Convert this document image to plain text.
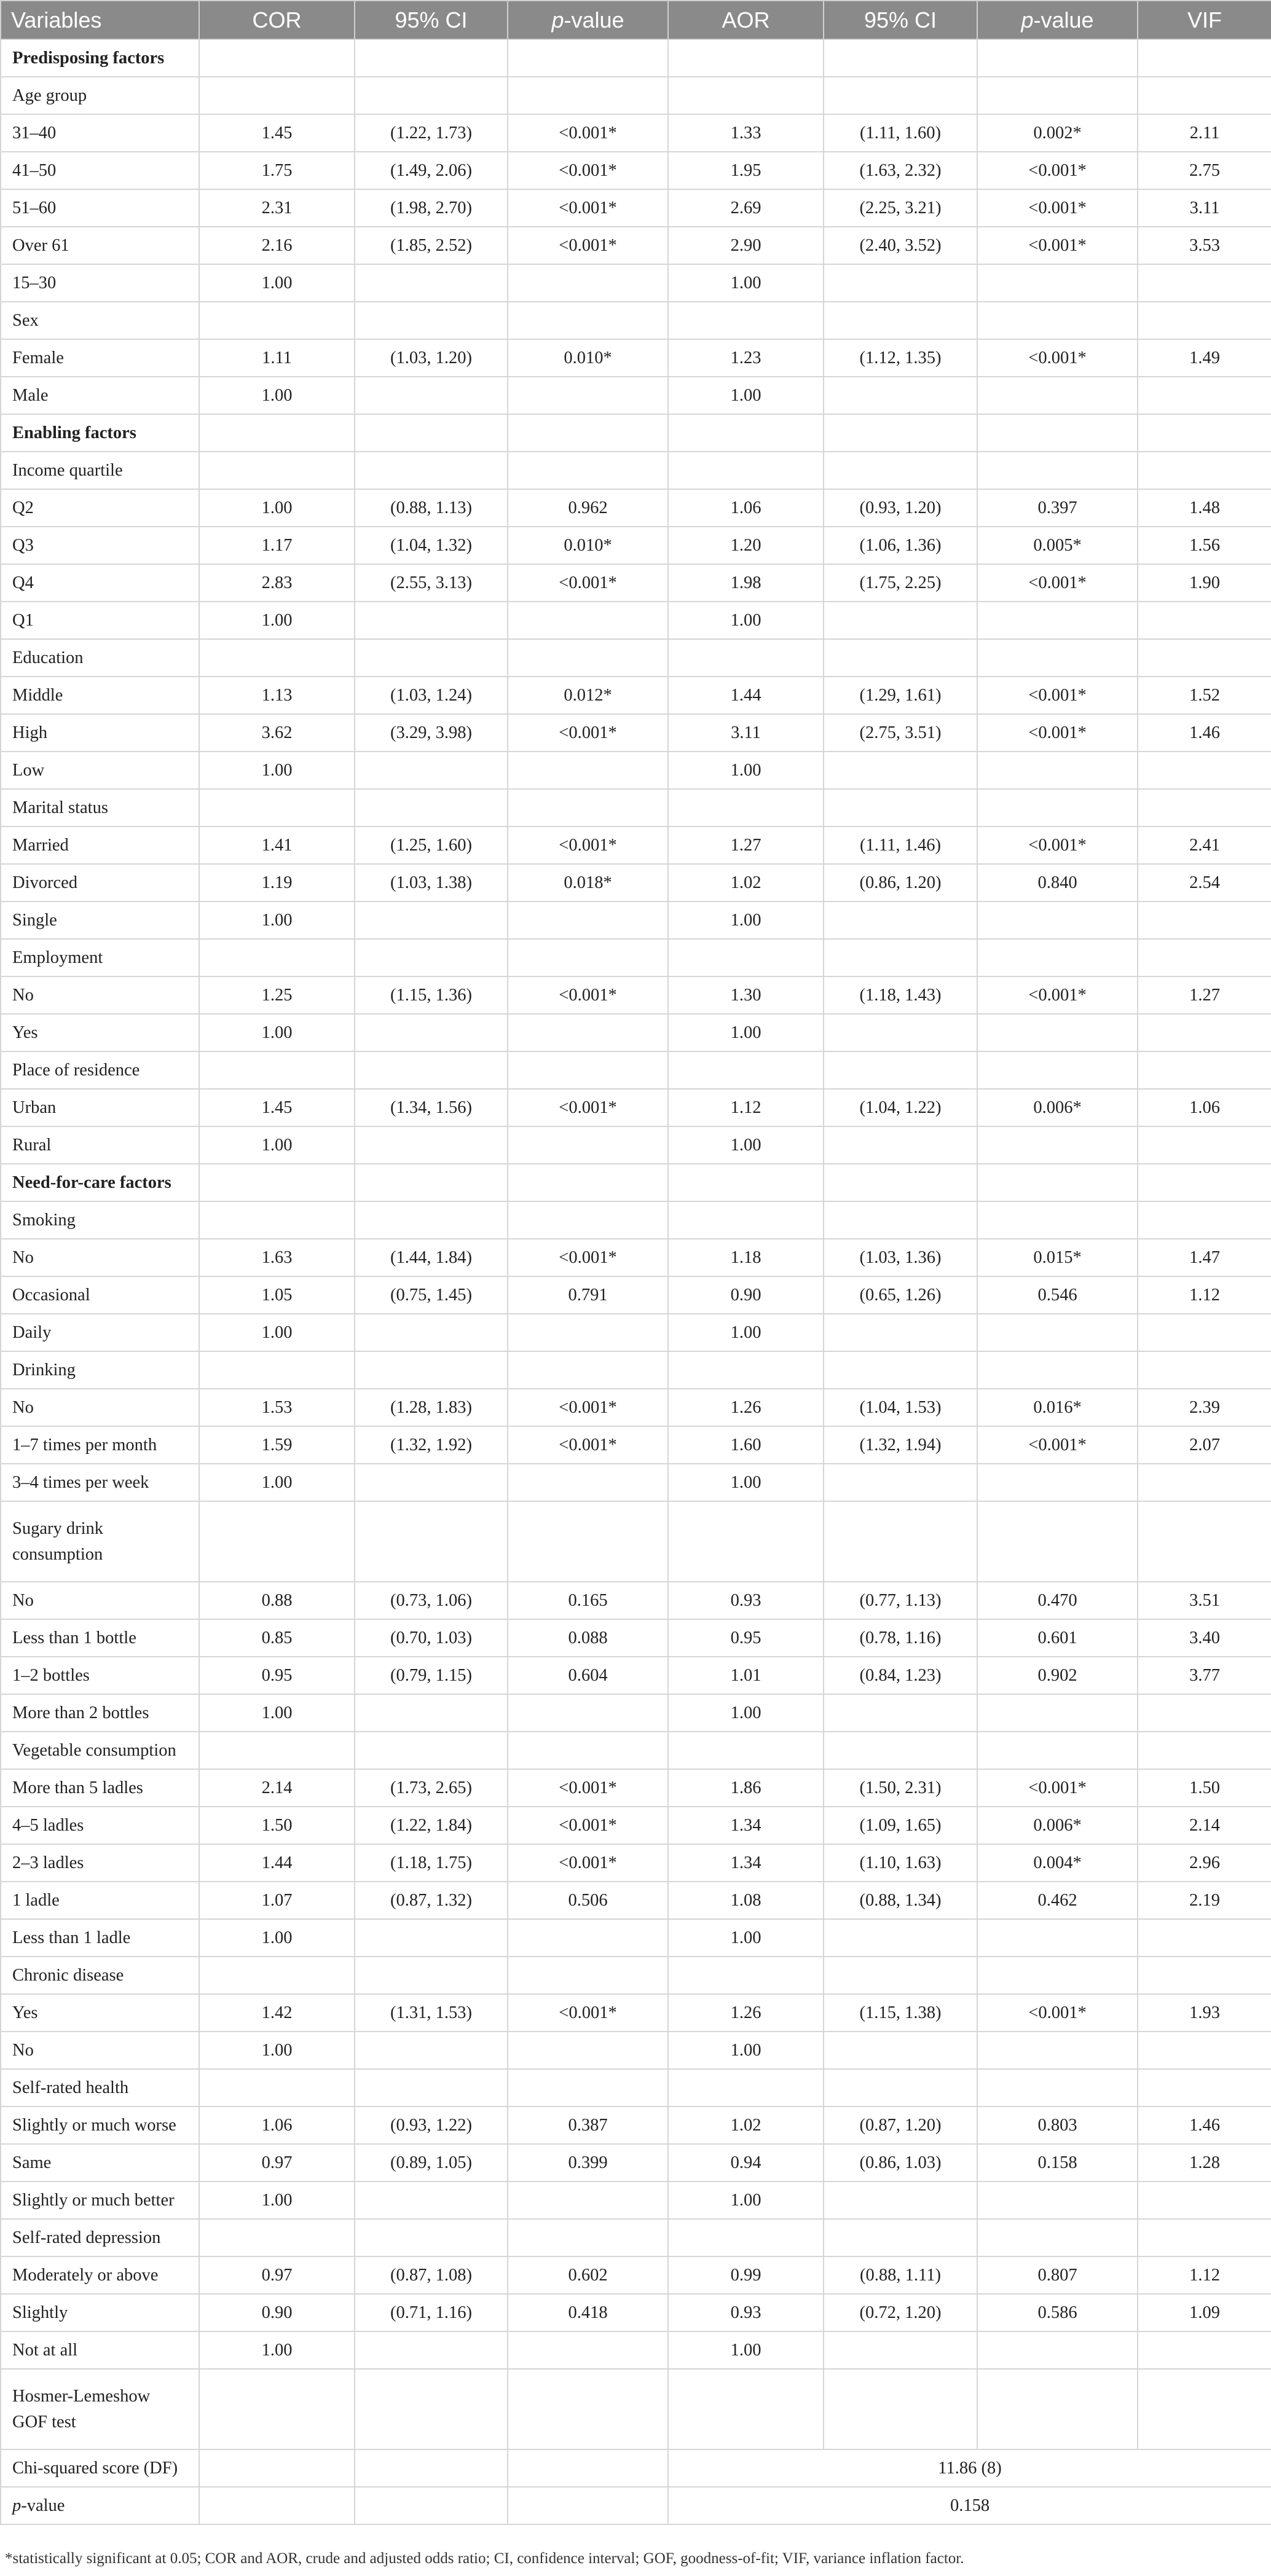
Variables	COR	95% CI	p-value	AOR	95% CI	p-value	VIF
Predisposing factors							
Age group							
31–40	1.45	(1.22, 1.73)	<0.001*	1.33	(1.11, 1.60)	0.002*	2.11
41–50	1.75	(1.49, 2.06)	<0.001*	1.95	(1.63, 2.32)	<0.001*	2.75
51–60	2.31	(1.98, 2.70)	<0.001*	2.69	(2.25, 3.21)	<0.001*	3.11
Over 61	2.16	(1.85, 2.52)	<0.001*	2.90	(2.40, 3.52)	<0.001*	3.53
15–30	1.00			1.00			
Sex							
Female	1.11	(1.03, 1.20)	0.010*	1.23	(1.12, 1.35)	<0.001*	1.49
Male	1.00			1.00			
Enabling factors							
Income quartile							
Q2	1.00	(0.88, 1.13)	0.962	1.06	(0.93, 1.20)	0.397	1.48
Q3	1.17	(1.04, 1.32)	0.010*	1.20	(1.06, 1.36)	0.005*	1.56
Q4	2.83	(2.55, 3.13)	<0.001*	1.98	(1.75, 2.25)	<0.001*	1.90
Q1	1.00			1.00			
Education							
Middle	1.13	(1.03, 1.24)	0.012*	1.44	(1.29, 1.61)	<0.001*	1.52
High	3.62	(3.29, 3.98)	<0.001*	3.11	(2.75, 3.51)	<0.001*	1.46
Low	1.00			1.00			
Marital status							
Married	1.41	(1.25, 1.60)	<0.001*	1.27	(1.11, 1.46)	<0.001*	2.41
Divorced	1.19	(1.03, 1.38)	0.018*	1.02	(0.86, 1.20)	0.840	2.54
Single	1.00			1.00			
Employment							
No	1.25	(1.15, 1.36)	<0.001*	1.30	(1.18, 1.43)	<0.001*	1.27
Yes	1.00			1.00			
Place of residence							
Urban	1.45	(1.34, 1.56)	<0.001*	1.12	(1.04, 1.22)	0.006*	1.06
Rural	1.00			1.00			
Need-for-care factors							
Smoking							
No	1.63	(1.44, 1.84)	<0.001*	1.18	(1.03, 1.36)	0.015*	1.47
Occasional	1.05	(0.75, 1.45)	0.791	0.90	(0.65, 1.26)	0.546	1.12
Daily	1.00			1.00			
Drinking							
No	1.53	(1.28, 1.83)	<0.001*	1.26	(1.04, 1.53)	0.016*	2.39
1–7 times per month	1.59	(1.32, 1.92)	<0.001*	1.60	(1.32, 1.94)	<0.001*	2.07
3–4 times per week	1.00			1.00			
Sugary drink consumption							
No	0.88	(0.73, 1.06)	0.165	0.93	(0.77, 1.13)	0.470	3.51
Less than 1 bottle	0.85	(0.70, 1.03)	0.088	0.95	(0.78, 1.16)	0.601	3.40
1–2 bottles	0.95	(0.79, 1.15)	0.604	1.01	(0.84, 1.23)	0.902	3.77
More than 2 bottles	1.00			1.00			
Vegetable consumption							
More than 5 ladles	2.14	(1.73, 2.65)	<0.001*	1.86	(1.50, 2.31)	<0.001*	1.50
4–5 ladles	1.50	(1.22, 1.84)	<0.001*	1.34	(1.09, 1.65)	0.006*	2.14
2–3 ladles	1.44	(1.18, 1.75)	<0.001*	1.34	(1.10, 1.63)	0.004*	2.96
1 ladle	1.07	(0.87, 1.32)	0.506	1.08	(0.88, 1.34)	0.462	2.19
Less than 1 ladle	1.00			1.00			
Chronic disease							
Yes	1.42	(1.31, 1.53)	<0.001*	1.26	(1.15, 1.38)	<0.001*	1.93
No	1.00			1.00			
Self-rated health							
Slightly or much worse	1.06	(0.93, 1.22)	0.387	1.02	(0.87, 1.20)	0.803	1.46
Same	0.97	(0.89, 1.05)	0.399	0.94	(0.86, 1.03)	0.158	1.28
Slightly or much better	1.00			1.00			
Self-rated depression							
Moderately or above	0.97	(0.87, 1.08)	0.602	0.99	(0.88, 1.11)	0.807	1.12
Slightly	0.90	(0.71, 1.16)	0.418	0.93	(0.72, 1.20)	0.586	1.09
Not at all	1.00			1.00			
Hosmer-Lemeshow GOF test							
Chi-squared score (DF)				11.86 (8)			
p-value				0.158			
*statistically significant at 0.05; COR and AOR, crude and adjusted odds ratio; CI, confidence interval; GOF, goodness-of-fit; VIF, variance inflation factor.
